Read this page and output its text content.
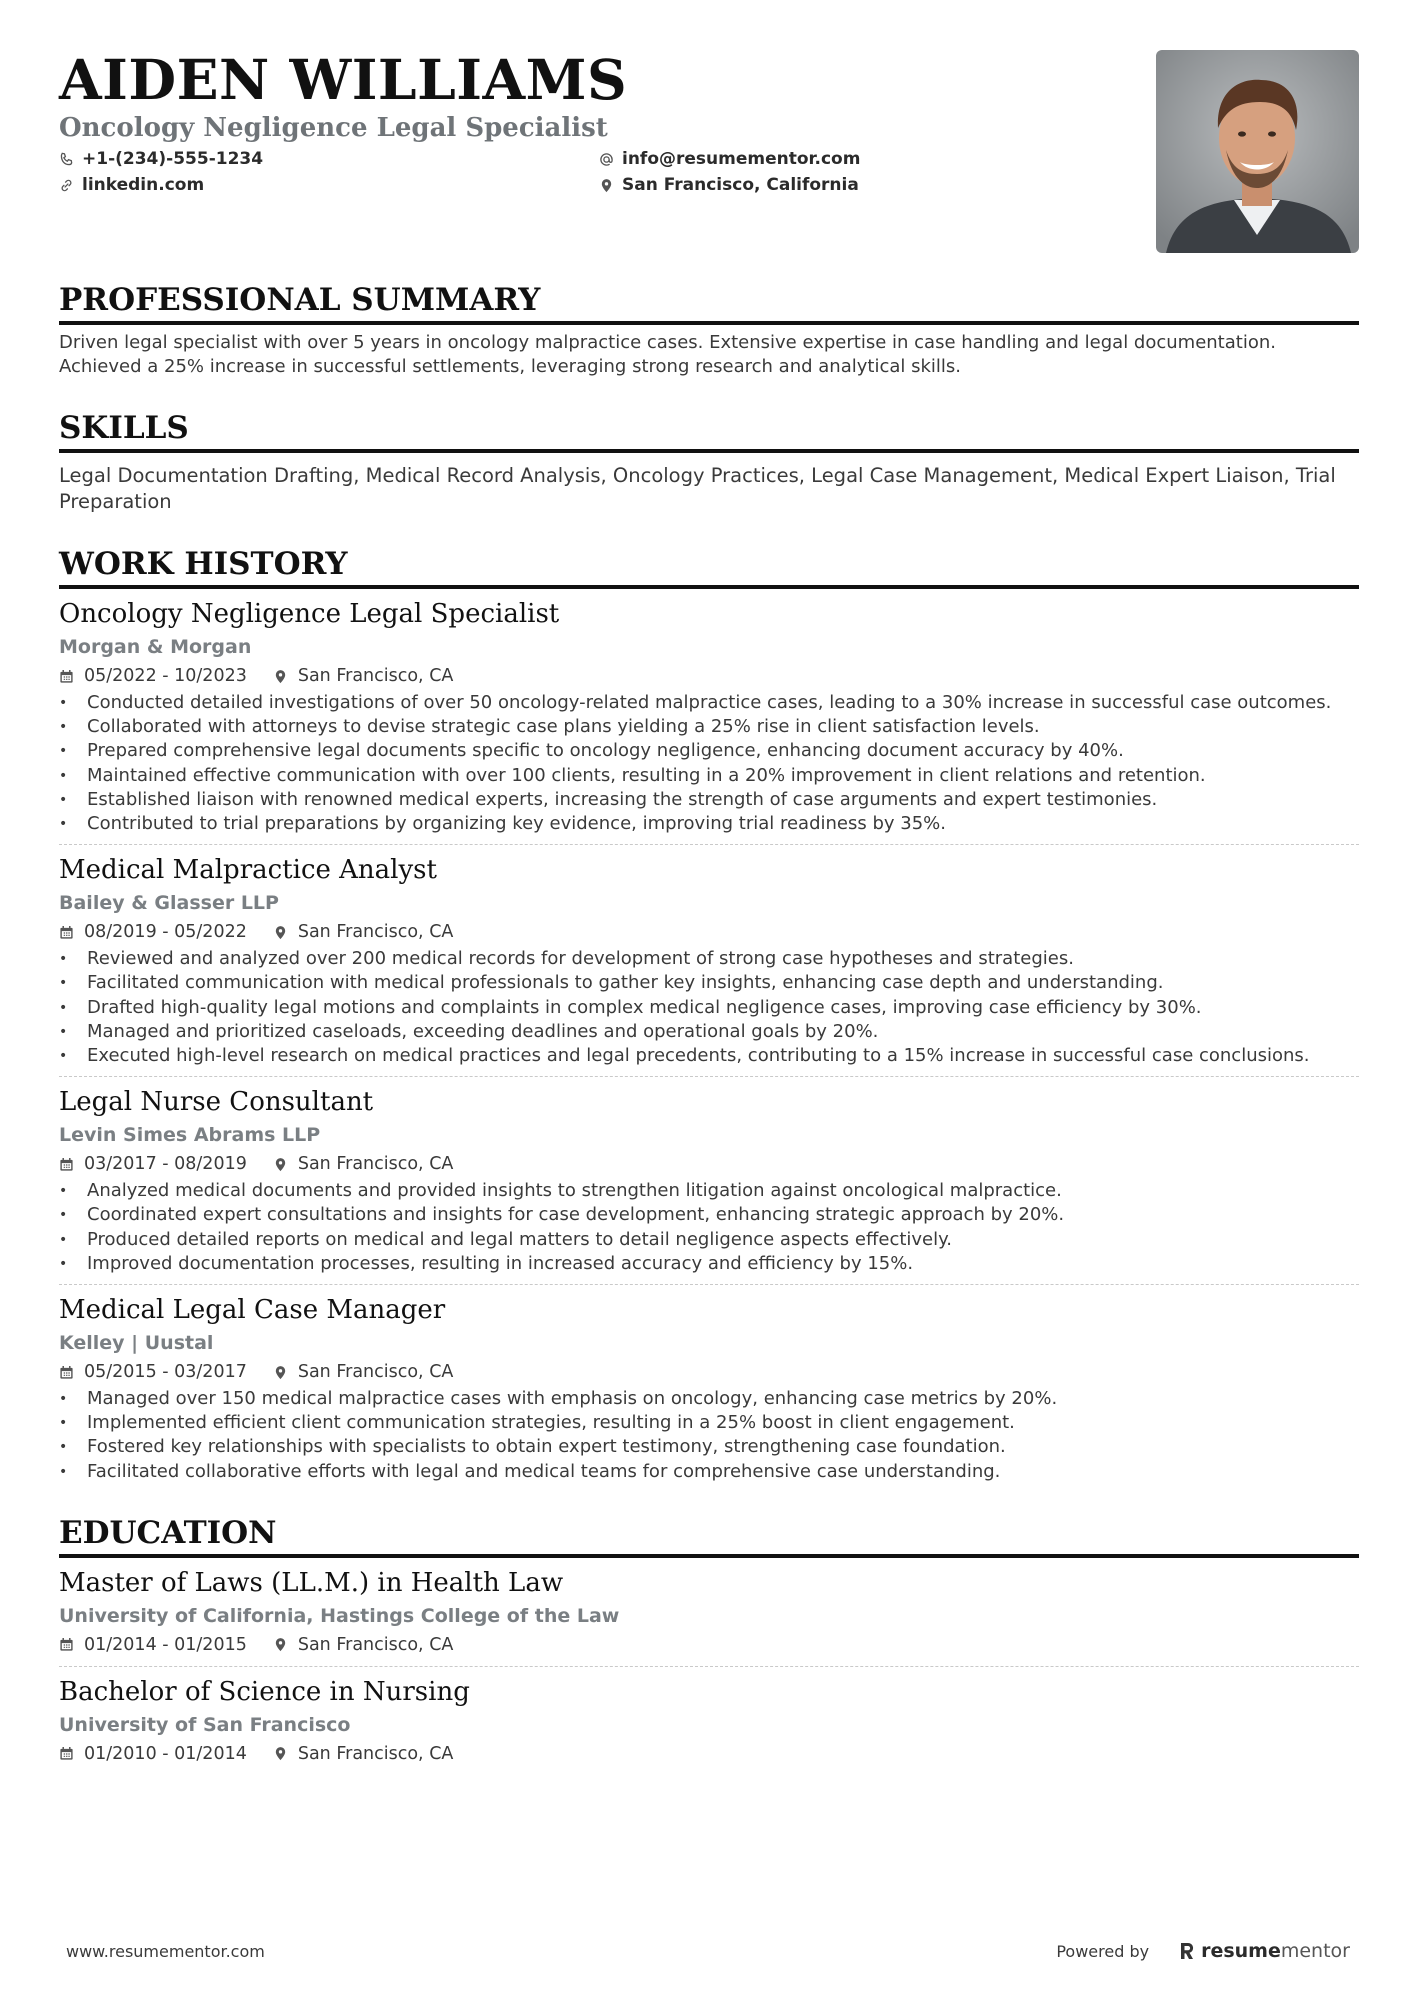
AIDEN WILLIAMS
Oncology Negligence Legal Specialist
+1-(234)-555-1234	info@resumementor.com
linkedin.com	San Francisco, California
PROFESSIONAL SUMMARY

Driven legal specialist with over 5 years in oncology malpractice cases. Extensive expertise in case handling and legal documentation. Achieved a 25% increase in successful settlements, leveraging strong research and analytical skills.

SKILLS

Legal Documentation Drafting, Medical Record Analysis, Oncology Practices, Legal Case Management, Medical Expert Liaison, Trial Preparation

WORK HISTORY

Oncology Negligence Legal Specialist

Morgan & Morgan

05/2022 - 10/2023	San Francisco, CA
• Conducted detailed investigations of over 50 oncology-related malpractice cases, leading to a 30% increase in successful case outcomes.
• Collaborated with attorneys to devise strategic case plans yielding a 25% rise in client satisfaction levels.
• Prepared comprehensive legal documents specific to oncology negligence, enhancing document accuracy by 40%.
• Maintained effective communication with over 100 clients, resulting in a 20% improvement in client relations and retention.
• Established liaison with renowned medical experts, increasing the strength of case arguments and expert testimonies.
• Contributed to trial preparations by organizing key evidence, improving trial readiness by 35%.

Medical Malpractice Analyst

Bailey & Glasser LLP

08/2019 - 05/2022	San Francisco, CA
• Reviewed and analyzed over 200 medical records for development of strong case hypotheses and strategies.
• Facilitated communication with medical professionals to gather key insights, enhancing case depth and understanding.
• Drafted high-quality legal motions and complaints in complex medical negligence cases, improving case efficiency by 30%.
• Managed and prioritized caseloads, exceeding deadlines and operational goals by 20%.
• Executed high-level research on medical practices and legal precedents, contributing to a 15% increase in successful case conclusions.

Legal Nurse Consultant

Levin Simes Abrams LLP

03/2017 - 08/2019	San Francisco, CA
• Analyzed medical documents and provided insights to strengthen litigation against oncological malpractice.
• Coordinated expert consultations and insights for case development, enhancing strategic approach by 20%.
• Produced detailed reports on medical and legal matters to detail negligence aspects effectively.
• Improved documentation processes, resulting in increased accuracy and efficiency by 15%.

Medical Legal Case Manager

Kelley | Uustal

05/2015 - 03/2017	San Francisco, CA
• Managed over 150 medical malpractice cases with emphasis on oncology, enhancing case metrics by 20%.
• Implemented efficient client communication strategies, resulting in a 25% boost in client engagement.
• Fostered key relationships with specialists to obtain expert testimony, strengthening case foundation.
• Facilitated collaborative efforts with legal and medical teams for comprehensive case understanding.
EDUCATION

Master of Laws (LL.M.) in Health Law

University of California, Hastings College of the Law

01/2014 - 01/2015	San Francisco, CA

Bachelor of Science in Nursing

University of San Francisco

01/2010 - 01/2014	San Francisco, CA
www.resumementor.com	Powered by	resume mentor
